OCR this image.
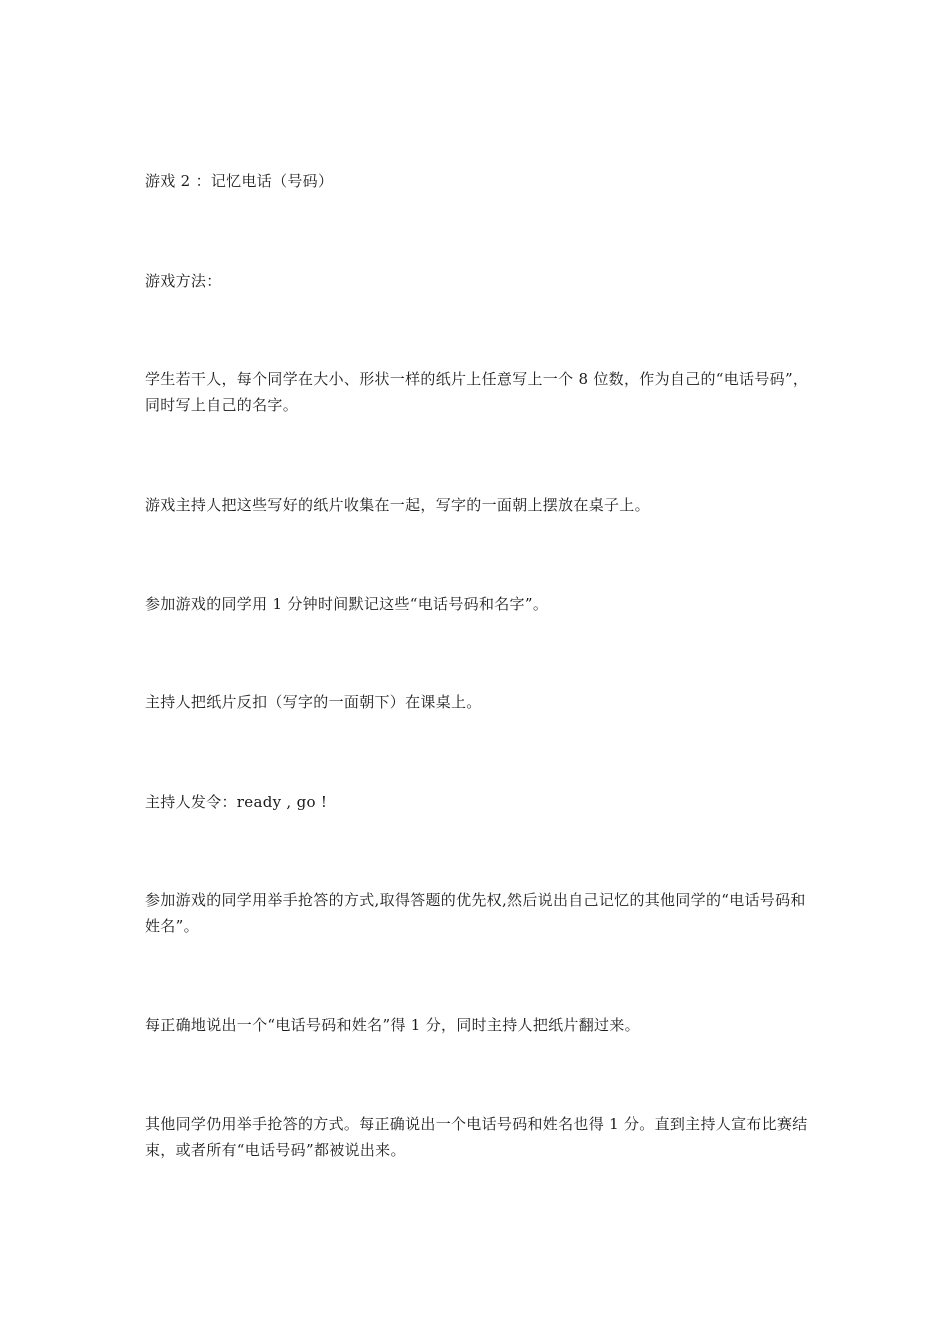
游戏 2 ：记忆电话（号码）

游戏方法：

学生若干人，每个同学在大小、形状一样的纸片上任意写上一个 8 位数，作为自己的“电话号码”，同时写上自己的名字。

游戏主持人把这些写好的纸片收集在一起，写字的一面朝上摆放在桌子上。

参加游戏的同学用 1 分钟时间默记这些“电话号码和名字”。

主持人把纸片反扣（写字的一面朝下）在课桌上。

主持人发令：ready , go !

参加游戏的同学用举手抢答的方式,取得答题的优先权,然后说出自己记忆的其他同学的“电话号码和姓名”。

每正确地说出一个“电话号码和姓名”得 1 分，同时主持人把纸片翻过来。

其他同学仍用举手抢答的方式。每正确说出一个电话号码和姓名也得 1 分。直到主持人宣布比赛结束，或者所有“电话号码”都被说出来。
